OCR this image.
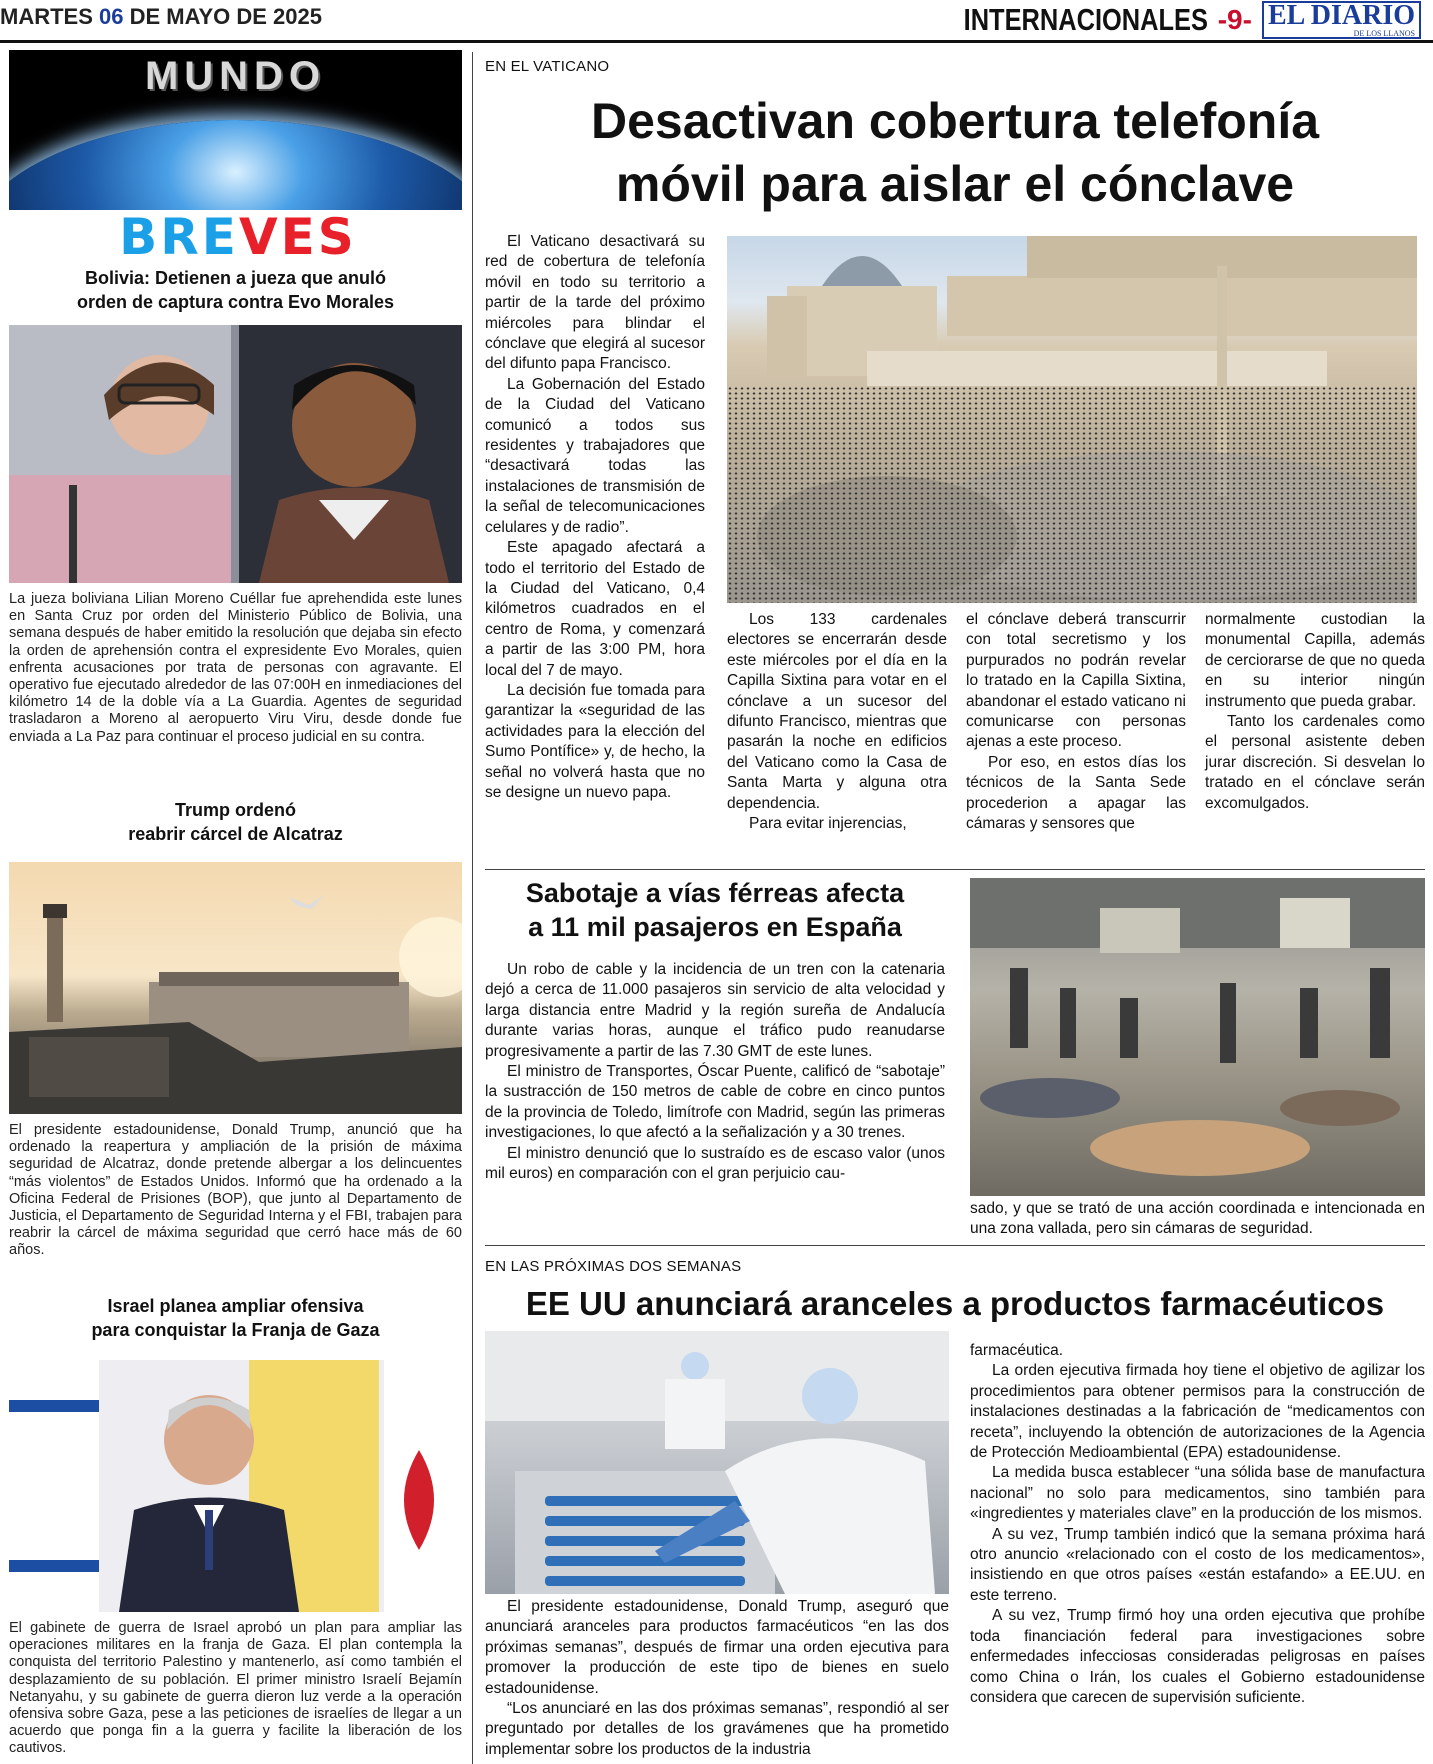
MARTES 06 DE MAYO DE 2025	INTERNACIONALES -9- EL DIARIO
DE LOS LLANOS
MUNDO
BREVES
Bolivia: Detienen a jueza que anuló
orden de captura contra Evo Morales
La jueza boliviana Lilian Moreno Cuéllar fue aprehendida este lunes en Santa Cruz por orden del Ministerio Público de Bolivia, una semana después de haber emitido la resolución que dejaba sin efecto la orden de aprehensión contra el expresidente Evo Morales, quien enfrenta acusaciones por trata de personas con agravante. El operativo fue ejecutado alrededor de las 07:00H en inmediaciones del kilómetro 14 de la doble vía a La Guardia. Agentes de seguridad trasladaron a Moreno al aeropuerto Viru Viru, desde donde fue enviada a La Paz para continuar el proceso judicial en su contra.
Trump ordenó
reabrir cárcel de Alcatraz
El presidente estadounidense, Donald Trump, anunció que ha ordenado la reapertura y ampliación de la prisión de máxima seguridad de Alcatraz, donde pretende albergar a los delincuentes “más violentos” de Estados Unidos. Informó que ha ordenado a la Oficina Federal de Prisiones (BOP), que junto al Departamento de Justicia, el Departamento de Seguridad Interna y el FBI, trabajen para reabrir la cárcel de máxima seguridad que cerró hace más de 60 años.
Israel planea ampliar ofensiva
para conquistar la Franja de Gaza
El gabinete de guerra de Israel aprobó un plan para ampliar las operaciones militares en la franja de Gaza. El plan contempla la conquista del territorio Palestino y mantenerlo, así como también el desplazamiento de su población. El primer ministro Israelí Bejamín Netanyahu, y su gabinete de guerra dieron luz verde a la operación ofensiva sobre Gaza, pese a las peticiones de israelíes de llegar a un acuerdo que ponga fin a la guerra y facilite la liberación de los cautivos.
EN EL VATICANO
Desactivan cobertura telefonía
móvil para aislar el cónclave

El Vaticano desactivará su red de cobertura de telefonía móvil en todo su territorio a partir de la tarde del próximo miércoles para blindar el cónclave que elegirá al sucesor del difunto papa Francisco.

La Gobernación del Estado de la Ciudad del Vaticano comunicó a todos sus residentes y trabajadores que “desactivará todas las instalaciones de transmisión de la señal de telecomunicaciones celulares y de radio”.

Este apagado afectará a todo el territorio del Estado de la Ciudad del Vaticano, 0,4 kilómetros cuadrados en el centro de Roma, y comenzará a partir de las 3:00 PM, hora local del 7 de mayo.

La decisión fue tomada para garantizar la «seguridad de las actividades para la elección del Sumo Pontífice» y, de hecho, la señal no volverá hasta que no se designe un nuevo papa.

Los 133 cardenales electores se encerrarán desde este miércoles por el día en la Capilla Sixtina para votar en el cónclave a un sucesor del difunto Francisco, mientras que pasarán la noche en edificios del Vaticano como la Casa de Santa Marta y alguna otra dependencia.

Para evitar injerencias,

el cónclave deberá transcurrir con total secretismo y los purpurados no podrán revelar lo tratado en la Capilla Sixtina, abandonar el estado vaticano ni comunicarse con personas ajenas a este proceso.

Por eso, en estos días los técnicos de la Santa Sede procederion a apagar las cámaras y sensores que

normalmente custodian la monumental Capilla, además de cerciorarse de que no queda en su interior ningún instrumento que pueda grabar.

Tanto los cardenales como el personal asistente deben jurar discreción. Si desvelan lo tratado en el cónclave serán excomulgados.

Sabotaje a vías férreas afecta
a 11 mil pasajeros en España

Un robo de cable y la incidencia de un tren con la catenaria dejó a cerca de 11.000 pasajeros sin servicio de alta velocidad y larga distancia entre Madrid y la región sureña de Andalucía durante varias horas, aunque el tráfico pudo reanudarse progresivamente a partir de las 7.30 GMT de este lunes.

El ministro de Transportes, Óscar Puente, calificó de “sabotaje” la sustracción de 150 metros de cable de cobre en cinco puntos de la provincia de Toledo, limítrofe con Madrid, según las primeras investigaciones, lo que afectó a la señalización y a 30 trenes.

El ministro denunció que lo sustraído es de escaso valor (unos mil euros) en comparación con el gran perjuicio cau-

sado, y que se trató de una acción coordinada e intencionada en una zona vallada, pero sin cámaras de seguridad.
EN LAS PRÓXIMAS DOS SEMANAS
EE UU anunciará aranceles a productos farmacéuticos

El presidente estadounidense, Donald Trump, aseguró que anunciará aranceles para productos farmacéuticos “en las dos próximas semanas”, después de firmar una orden ejecutiva para promover la producción de este tipo de bienes en suelo estadounidense.

“Los anunciaré en las dos próximas semanas”, respondió al ser preguntado por detalles de los gravámenes que ha prometido implementar sobre los productos de la industria

farmacéutica.

La orden ejecutiva firmada hoy tiene el objetivo de agilizar los procedimientos para obtener permisos para la construcción de instalaciones destinadas a la fabricación de “medicamentos con receta”, incluyendo la obtención de autorizaciones de la Agencia de Protección Medioambiental (EPA) estadounidense.

La medida busca establecer “una sólida base de manufactura nacional” no solo para medicamentos, sino también para «ingredientes y materiales clave” en la producción de los mismos.

A su vez, Trump también indicó que la semana próxima hará otro anuncio «relacionado con el costo de los medicamentos», insistiendo en que otros países «están estafando» a EE.UU. en este terreno.

A su vez, Trump firmó hoy una orden ejecutiva que prohíbe toda financiación federal para investigaciones sobre enfermedades infecciosas consideradas peligrosas en países como China o Irán, los cuales el Gobierno estadounidense considera que carecen de supervisión suficiente.
